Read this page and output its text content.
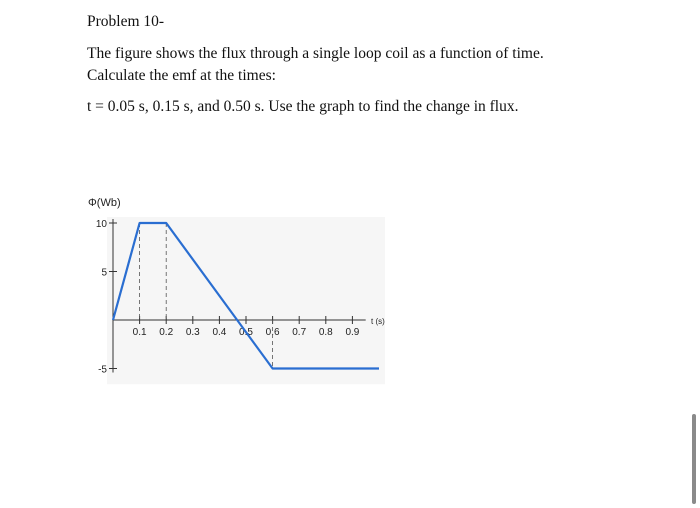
Problem 10-
The figure shows the flux through a single loop coil as a function of time.
Calculate the emf at the times:
t = 0.05 s, 0.15 s, and 0.50 s. Use the graph to find the change in flux.
Φ(Wb)
t (s)
10
5
-5
0.1 0.2 0.3 0.4 0.5 0.6 0.7 0.8 0.9
